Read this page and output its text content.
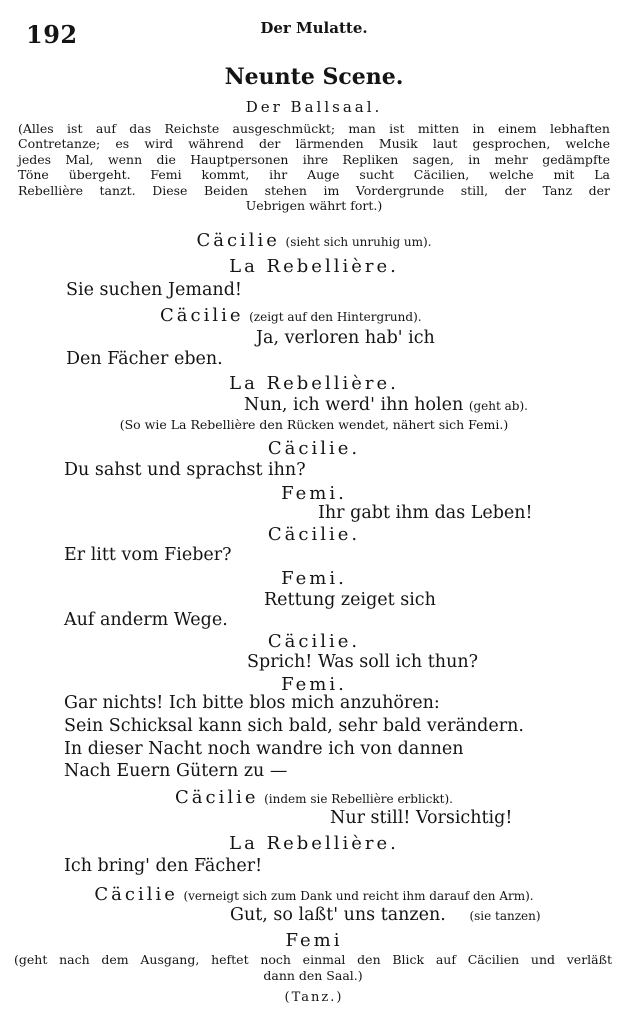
192	Der Mulatte.
Neunte Scene.
Der Ballsaal.
(Alles ist auf das Reichste ausgeschmückt; man ist mitten in einem lebhaften
Contretanze; es wird während der lärmenden Musik laut gesprochen, welche
jedes Mal, wenn die Hauptpersonen ihre Repliken sagen, in mehr gedämpfte
Töne übergeht. Femi kommt, ihr Auge sucht Cäcilien, welche mit La
Rebellière tanzt. Diese Beiden stehen im Vordergrunde still, der Tanz der
Uebrigen währt fort.)
Cäcilie (sieht sich unruhig um).
La Rebellière.
Sie suchen Jemand!
Cäcilie (zeigt auf den Hintergrund).
Ja, verloren hab' ich
Den Fächer eben.
La Rebellière.
Nun, ich werd' ihn holen (geht ab).
(So wie La Rebellière den Rücken wendet, nähert sich Femi.)
Cäcilie.
Du sahst und sprachst ihn?
Femi.
Ihr gabt ihm das Leben!
Cäcilie.
Er litt vom Fieber?
Femi.
Rettung zeiget sich
Auf anderm Wege.
Cäcilie.
Sprich! Was soll ich thun?
Femi.
Gar nichts! Ich bitte blos mich anzuhören:
Sein Schicksal kann sich bald, sehr bald verändern.
In dieser Nacht noch wandre ich von dannen
Nach Euern Gütern zu —
Cäcilie (indem sie Rebellière erblickt).
Nur still! Vorsichtig!
La Rebellière.
Ich bring' den Fächer!
Cäcilie (verneigt sich zum Dank und reicht ihm darauf den Arm).
Gut, so laßt' uns tanzen. (sie tanzen)
Femi
(geht nach dem Ausgang, heftet noch einmal den Blick auf Cäcilien und verläßt
dann den Saal.)
(Tanz.)
